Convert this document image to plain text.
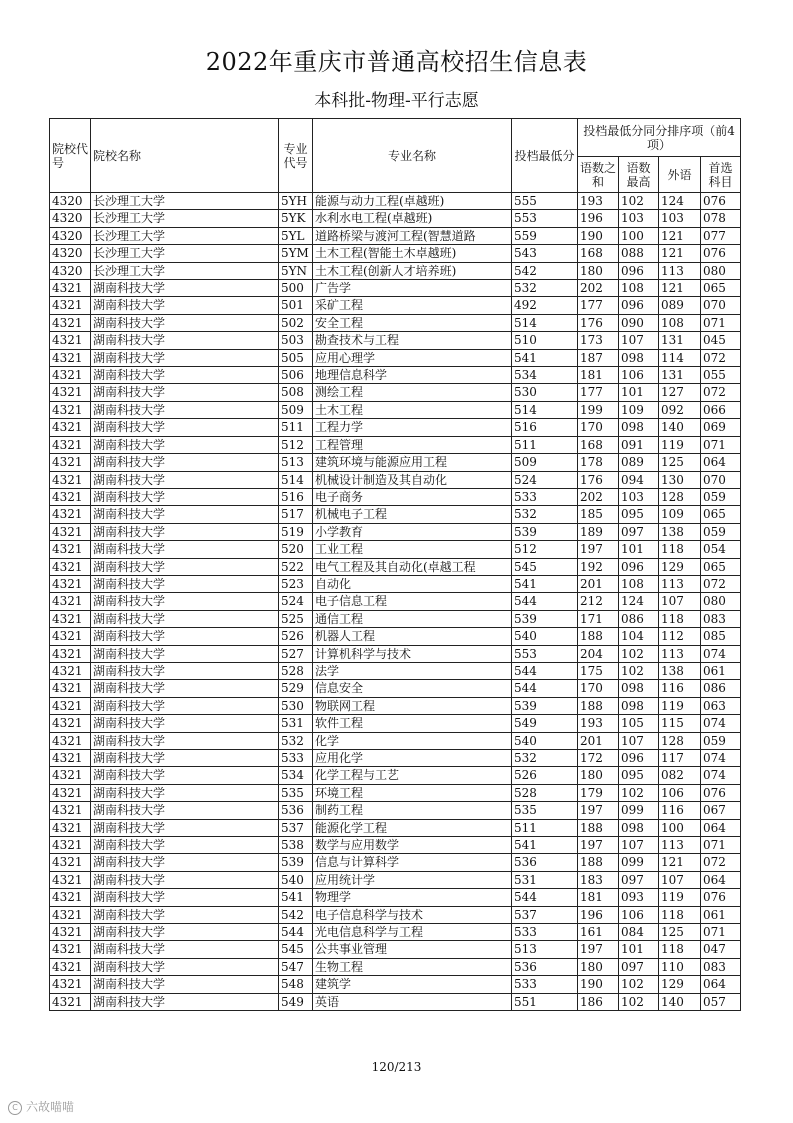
2022年重庆市普通高校招生信息表
本科批-物理-平行志愿
院校代号	院校名称	专业代号	专业名称	投档最低分	投档最低分同分排序项（前4项）			
					语数之和	语数最高	外语	首选科目
4320	长沙理工大学	5YH	能源与动力工程(卓越班)	555	193	102	124	076
4320	长沙理工大学	5YK	水利水电工程(卓越班)	553	196	103	103	078
4320	长沙理工大学	5YL	道路桥梁与渡河工程(智慧道路	559	190	100	121	077
4320	长沙理工大学	5YM	土木工程(智能土木卓越班)	543	168	088	121	076
4320	长沙理工大学	5YN	土木工程(创新人才培养班)	542	180	096	113	080
4321	湖南科技大学	500	广告学	532	202	108	121	065
4321	湖南科技大学	501	采矿工程	492	177	096	089	070
4321	湖南科技大学	502	安全工程	514	176	090	108	071
4321	湖南科技大学	503	勘查技术与工程	510	173	107	131	045
4321	湖南科技大学	505	应用心理学	541	187	098	114	072
4321	湖南科技大学	506	地理信息科学	534	181	106	131	055
4321	湖南科技大学	508	测绘工程	530	177	101	127	072
4321	湖南科技大学	509	土木工程	514	199	109	092	066
4321	湖南科技大学	511	工程力学	516	170	098	140	069
4321	湖南科技大学	512	工程管理	511	168	091	119	071
4321	湖南科技大学	513	建筑环境与能源应用工程	509	178	089	125	064
4321	湖南科技大学	514	机械设计制造及其自动化	524	176	094	130	070
4321	湖南科技大学	516	电子商务	533	202	103	128	059
4321	湖南科技大学	517	机械电子工程	532	185	095	109	065
4321	湖南科技大学	519	小学教育	539	189	097	138	059
4321	湖南科技大学	520	工业工程	512	197	101	118	054
4321	湖南科技大学	522	电气工程及其自动化(卓越工程	545	192	096	129	065
4321	湖南科技大学	523	自动化	541	201	108	113	072
4321	湖南科技大学	524	电子信息工程	544	212	124	107	080
4321	湖南科技大学	525	通信工程	539	171	086	118	083
4321	湖南科技大学	526	机器人工程	540	188	104	112	085
4321	湖南科技大学	527	计算机科学与技术	553	204	102	113	074
4321	湖南科技大学	528	法学	544	175	102	138	061
4321	湖南科技大学	529	信息安全	544	170	098	116	086
4321	湖南科技大学	530	物联网工程	539	188	098	119	063
4321	湖南科技大学	531	软件工程	549	193	105	115	074
4321	湖南科技大学	532	化学	540	201	107	128	059
4321	湖南科技大学	533	应用化学	532	172	096	117	074
4321	湖南科技大学	534	化学工程与工艺	526	180	095	082	074
4321	湖南科技大学	535	环境工程	528	179	102	106	076
4321	湖南科技大学	536	制药工程	535	197	099	116	067
4321	湖南科技大学	537	能源化学工程	511	188	098	100	064
4321	湖南科技大学	538	数学与应用数学	541	197	107	113	071
4321	湖南科技大学	539	信息与计算科学	536	188	099	121	072
4321	湖南科技大学	540	应用统计学	531	183	097	107	064
4321	湖南科技大学	541	物理学	544	181	093	119	076
4321	湖南科技大学	542	电子信息科学与技术	537	196	106	118	061
4321	湖南科技大学	544	光电信息科学与工程	533	161	084	125	071
4321	湖南科技大学	545	公共事业管理	513	197	101	118	047
4321	湖南科技大学	547	生物工程	536	180	097	110	083
4321	湖南科技大学	548	建筑学	533	190	102	129	064
4321	湖南科技大学	549	英语	551	186	102	140	057
120/213
C 六故喵喵
